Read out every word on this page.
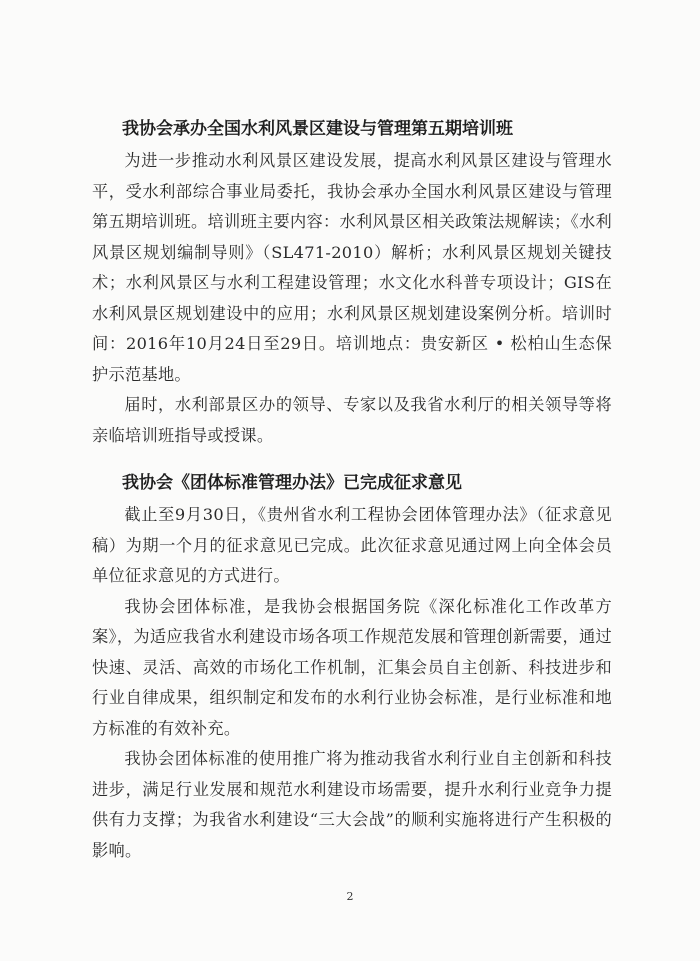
我协会承办全国水利风景区建设与管理第五期培训班

为进一步推动水利风景区建设发展，提高水利风景区建设与管理水平，受水利部综合事业局委托，我协会承办全国水利风景区建设与管理第五期培训班。培训班主要内容：水利风景区相关政策法规解读；《水利风景区规划编制导则》（SL471-2010）解析；水利风景区规划关键技术；水利风景区与水利工程建设管理；水文化水科普专项设计；GIS在水利风景区规划建设中的应用；水利风景区规划建设案例分析。培训时间：2016年10月24日至29日。培训地点：贵安新区 • 松柏山生态保护示范基地。

届时，水利部景区办的领导、专家以及我省水利厅的相关领导等将亲临培训班指导或授课。

我协会《团体标准管理办法》已完成征求意见

截止至9月30日，《贵州省水利工程协会团体管理办法》（征求意见稿）为期一个月的征求意见已完成。此次征求意见通过网上向全体会员单位征求意见的方式进行。

我协会团体标准，是我协会根据国务院《深化标准化工作改革方案》，为适应我省水利建设市场各项工作规范发展和管理创新需要，通过快速、灵活、高效的市场化工作机制，汇集会员自主创新、科技进步和行业自律成果，组织制定和发布的水利行业协会标准，是行业标准和地方标准的有效补充。

我协会团体标准的使用推广将为推动我省水利行业自主创新和科技进步，满足行业发展和规范水利建设市场需要，提升水利行业竞争力提供有力支撑；为我省水利建设“三大会战”的顺利实施将进行产生积极的影响。

2
